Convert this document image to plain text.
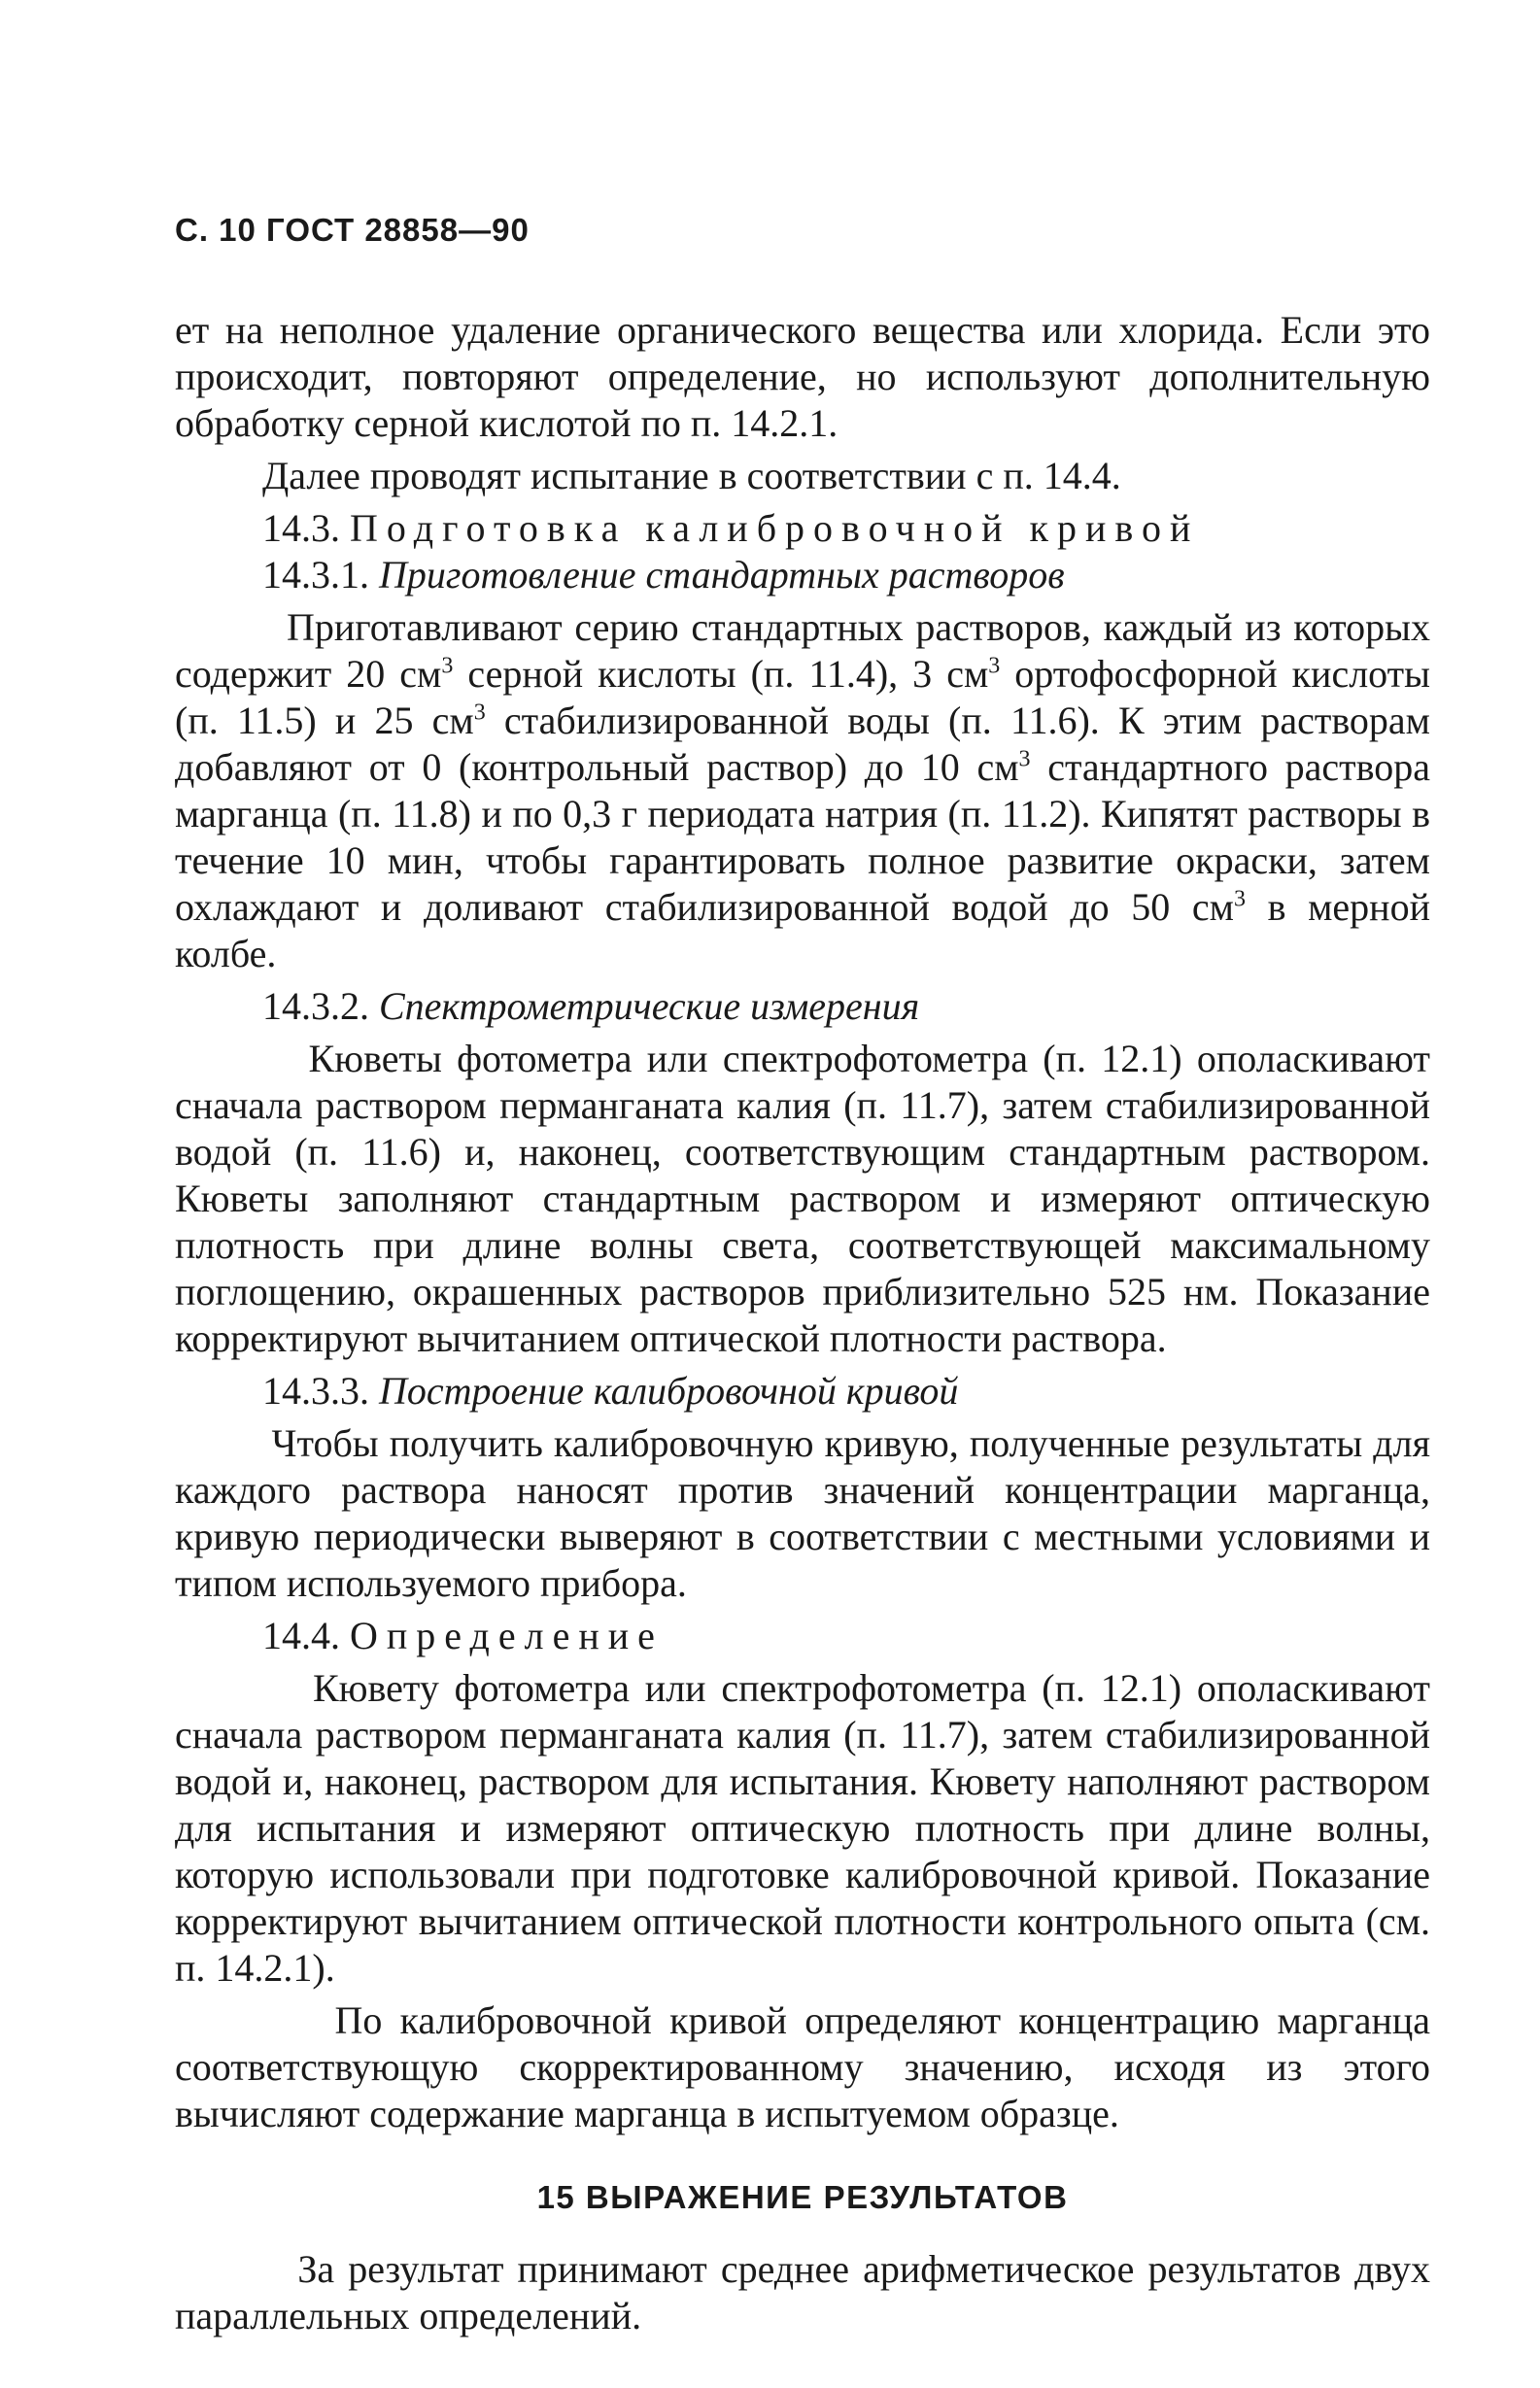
С. 10 ГОСТ 28858—90

ет на неполное удаление органического вещества или хлорида. Если это происходит, повторяют определение, но используют дополнительную обработку серной кислотой по п. 14.2.1.

Далее проводят испытание в соответствии с п. 14.4.

14.3. Подготовка калибровочной кривой

14.3.1. Приготовление стандартных растворов

Приготавливают серию стандартных растворов, каждый из которых содержит 20 $см^3$ серной кислоты (п. 11.4), 3 $см^3$ ортофосфорной кислоты (п. 11.5) и 25 $см^3$ стабилизированной воды (п. 11.6). К этим растворам добавляют от 0 (контрольный раствор) до 10 $см^3$ стандартного раствора марганца (п. 11.8) и по 0,3 г периодата натрия (п. 11.2). Кипятят растворы в течение 10 мин, чтобы гарантировать полное развитие окраски, затем охлаждают и доливают стабилизированной водой до 50 $см^3$ в мерной колбе.

14.3.2. Спектрометрические измерения

Кюветы фотометра или спектрофотометра (п. 12.1) ополаскивают сначала раствором перманганата калия (п. 11.7), затем стабилизированной водой (п. 11.6) и, наконец, соответствующим стандартным раствором. Кюветы заполняют стандартным раствором и измеряют оптическую плотность при длине волны света, соответствующей максимальному поглощению, окрашенных растворов приблизительно 525 нм. Показание корректируют вычитанием оптической плотности раствора.

14.3.3. Построение калибровочной кривой

Чтобы получить калибровочную кривую, полученные результаты для каждого раствора наносят против значений концентрации марганца, кривую периодически выверяют в соответствии с местными условиями и типом используемого прибора.

14.4. Определение

Кювету фотометра или спектрофотометра (п. 12.1) ополаскивают сначала раствором перманганата калия (п. 11.7), затем стабилизированной водой и, наконец, раствором для испытания. Кювету наполняют раствором для испытания и измеряют оптическую плотность при длине волны, которую использовали при подготовке калибровочной кривой. Показание корректируют вычитанием оптической плотности контрольного опыта (см. п. 14.2.1).

По калибровочной кривой определяют концентрацию марганца соответствующую скорректированному значению, исходя из этого вычисляют содержание марганца в испытуемом образце.

15 ВЫРАЖЕНИЕ РЕЗУЛЬТАТОВ

За результат принимают среднее арифметическое результатов двух параллельных определений.
